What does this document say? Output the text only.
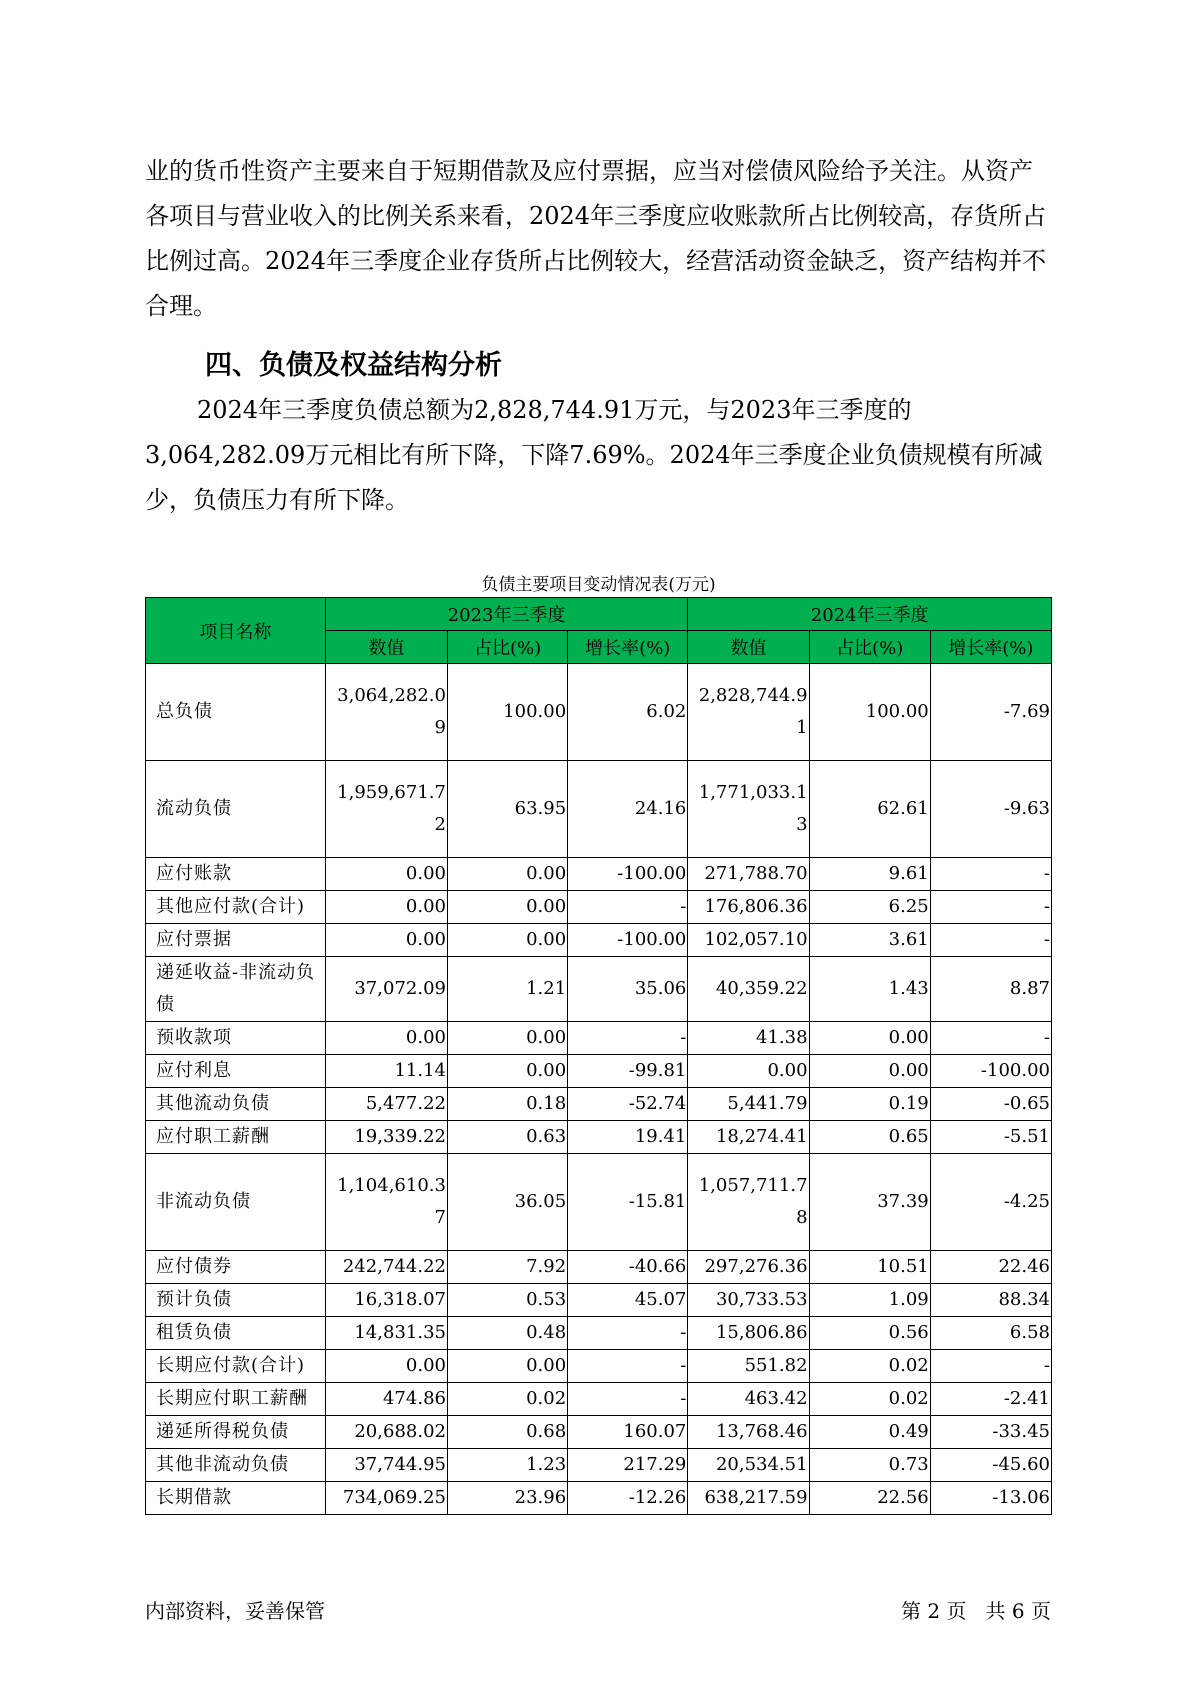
业的货币性资产主要来自于短期借款及应付票据，应当对偿债风险给予关注。从资产各项目与营业收入的比例关系来看，2024年三季度应收账款所占比例较高，存货所占比例过高。2024年三季度企业存货所占比例较大，经营活动资金缺乏，资产结构并不合理。

四、负债及权益结构分析

2024年三季度负债总额为2,828,744.91万元，与2023年三季度的3,064,282.09万元相比有所下降，下降7.69%。2024年三季度企业负债规模有所减少，负债压力有所下降。

负债主要项目变动情况表(万元)

项目名称	2023年三季度			2024年三季度		
	数值	占比(%)	增长率(%)	数值	占比(%)	增长率(%)
总负债	3,064,282.09	100.00	6.02	2,828,744.91	100.00	-7.69
流动负债	1,959,671.72	63.95	24.16	1,771,033.13	62.61	-9.63
应付账款	0.00	0.00	-100.00	271,788.70	9.61	-
其他应付款(合计)	0.00	0.00	-	176,806.36	6.25	-
应付票据	0.00	0.00	-100.00	102,057.10	3.61	-
递延收益-非流动负债	37,072.09	1.21	35.06	40,359.22	1.43	8.87
预收款项	0.00	0.00	-	41.38	0.00	-
应付利息	11.14	0.00	-99.81	0.00	0.00	-100.00
其他流动负债	5,477.22	0.18	-52.74	5,441.79	0.19	-0.65
应付职工薪酬	19,339.22	0.63	19.41	18,274.41	0.65	-5.51
非流动负债	1,104,610.37	36.05	-15.81	1,057,711.78	37.39	-4.25
应付债券	242,744.22	7.92	-40.66	297,276.36	10.51	22.46
预计负债	16,318.07	0.53	45.07	30,733.53	1.09	88.34
租赁负债	14,831.35	0.48	-	15,806.86	0.56	6.58
长期应付款(合计)	0.00	0.00	-	551.82	0.02	-
长期应付职工薪酬	474.86	0.02	-	463.42	0.02	-2.41
递延所得税负债	20,688.02	0.68	160.07	13,768.46	0.49	-33.45
其他非流动负债	37,744.95	1.23	217.29	20,534.51	0.73	-45.60
长期借款	734,069.25	23.96	-12.26	638,217.59	22.56	-13.06

内部资料，妥善保管	第 2 页   共 6 页
